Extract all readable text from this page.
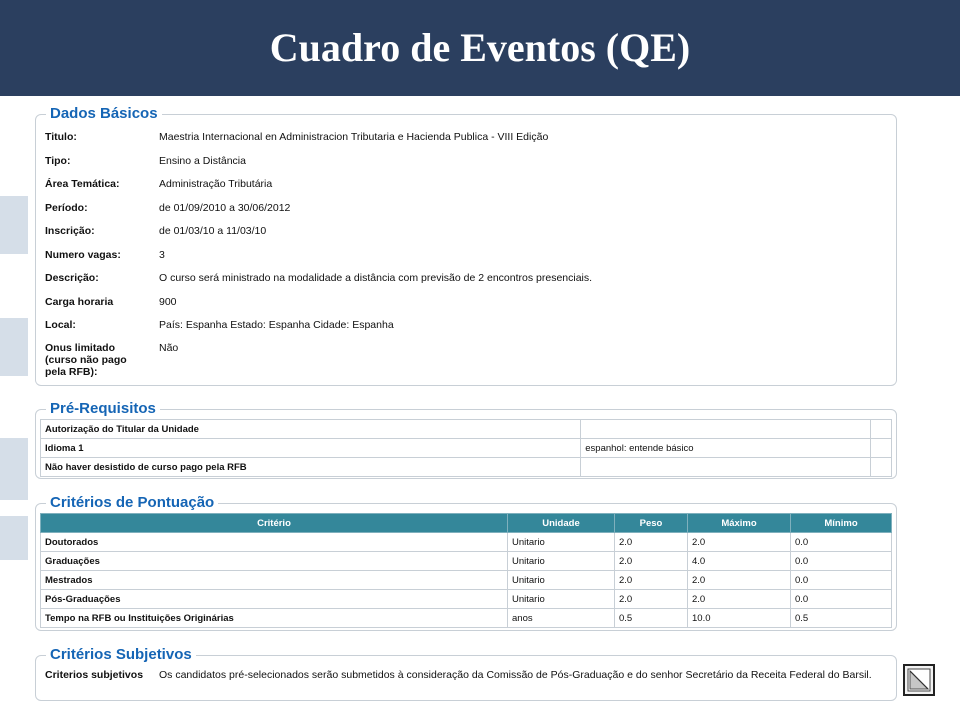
Cuadro de Eventos (QE)
Dados Básicos
Titulo:	Maestria Internacional en Administracion Tributaria e Hacienda Publica - VIII Edição
Tipo:	Ensino a Distância
Área Temática:	Administração Tributária
Período:	de 01/09/2010 a 30/06/2012
Inscrição:	de 01/03/10 a 11/03/10
Numero vagas:	3
Descrição:	O curso será ministrado na modalidade a distância com previsão de 2 encontros presenciais.
Carga horaria	900
Local:	País: Espanha Estado: Espanha Cidade: Espanha
Onus limitado (curso não pago pela RFB):
Não
Pré-Requisitos
Autorização do Titular da Unidade		
Idioma 1	espanhol: entende básico	
Não haver desistido de curso pago pela RFB		
Critérios de Pontuação
Critério	Unidade	Peso	Máximo	Mínimo
Doutorados	Unitario	2.0	2.0	0.0
Graduações	Unitario	2.0	4.0	0.0
Mestrados	Unitario	2.0	2.0	0.0
Pós-Graduações	Unitario	2.0	2.0	0.0
Tempo na RFB ou Instituições Originárias	anos	0.5	10.0	0.5
Critérios Subjetivos
Criterios subjetivos	Os candidatos pré-selecionados serão submetidos à consideração da Comissão de Pós-Graduação e do senhor Secretário da Receita Federal do Barsil.
